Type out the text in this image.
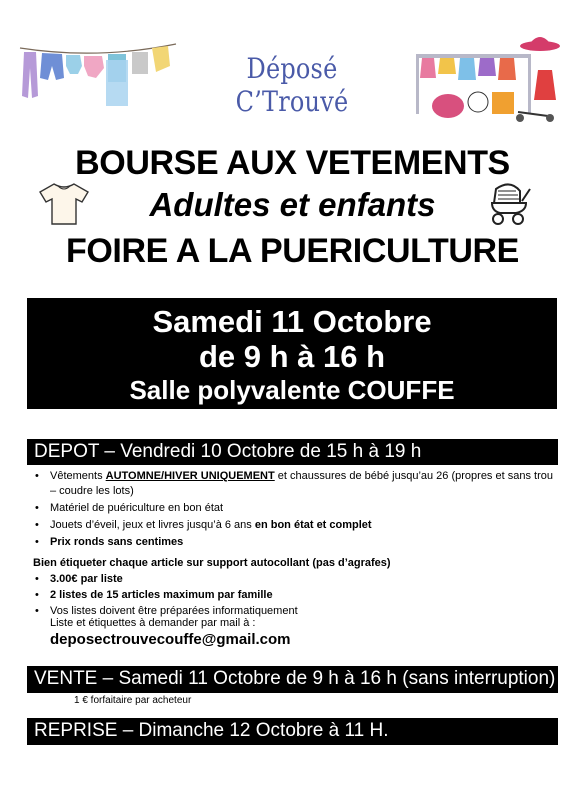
Déposé C’Trouvé
BOURSE AUX VETEMENTS
Adultes et enfants
FOIRE A LA PUERICULTURE
Samedi 11 Octobre
de 9 h à 16 h
Salle polyvalente COUFFE
DEPOT – Vendredi 10 Octobre de 15 h à 19 h
• Vêtements AUTOMNE/HIVER UNIQUEMENT et chaussures de bébé jusqu’au 26 (propres et sans trou – coudre les lots)
• Matériel de puériculture en bon état
• Jouets d’éveil, jeux et livres jusqu’à 6 ans en bon état et complet
• Prix ronds sans centimes
Bien étiqueter chaque article sur support autocollant (pas d’agrafes)
• 3.00€ par liste
• 2 listes de 15 articles maximum par famille
• Vos listes doivent être préparées informatiquement
Liste et étiquettes à demander par mail à :
deposectrouvecouffe@gmail.com
VENTE – Samedi 11 Octobre de 9 h à 16 h (sans interruption)
1 € forfaitaire par acheteur
REPRISE – Dimanche 12 Octobre à 11 H.
